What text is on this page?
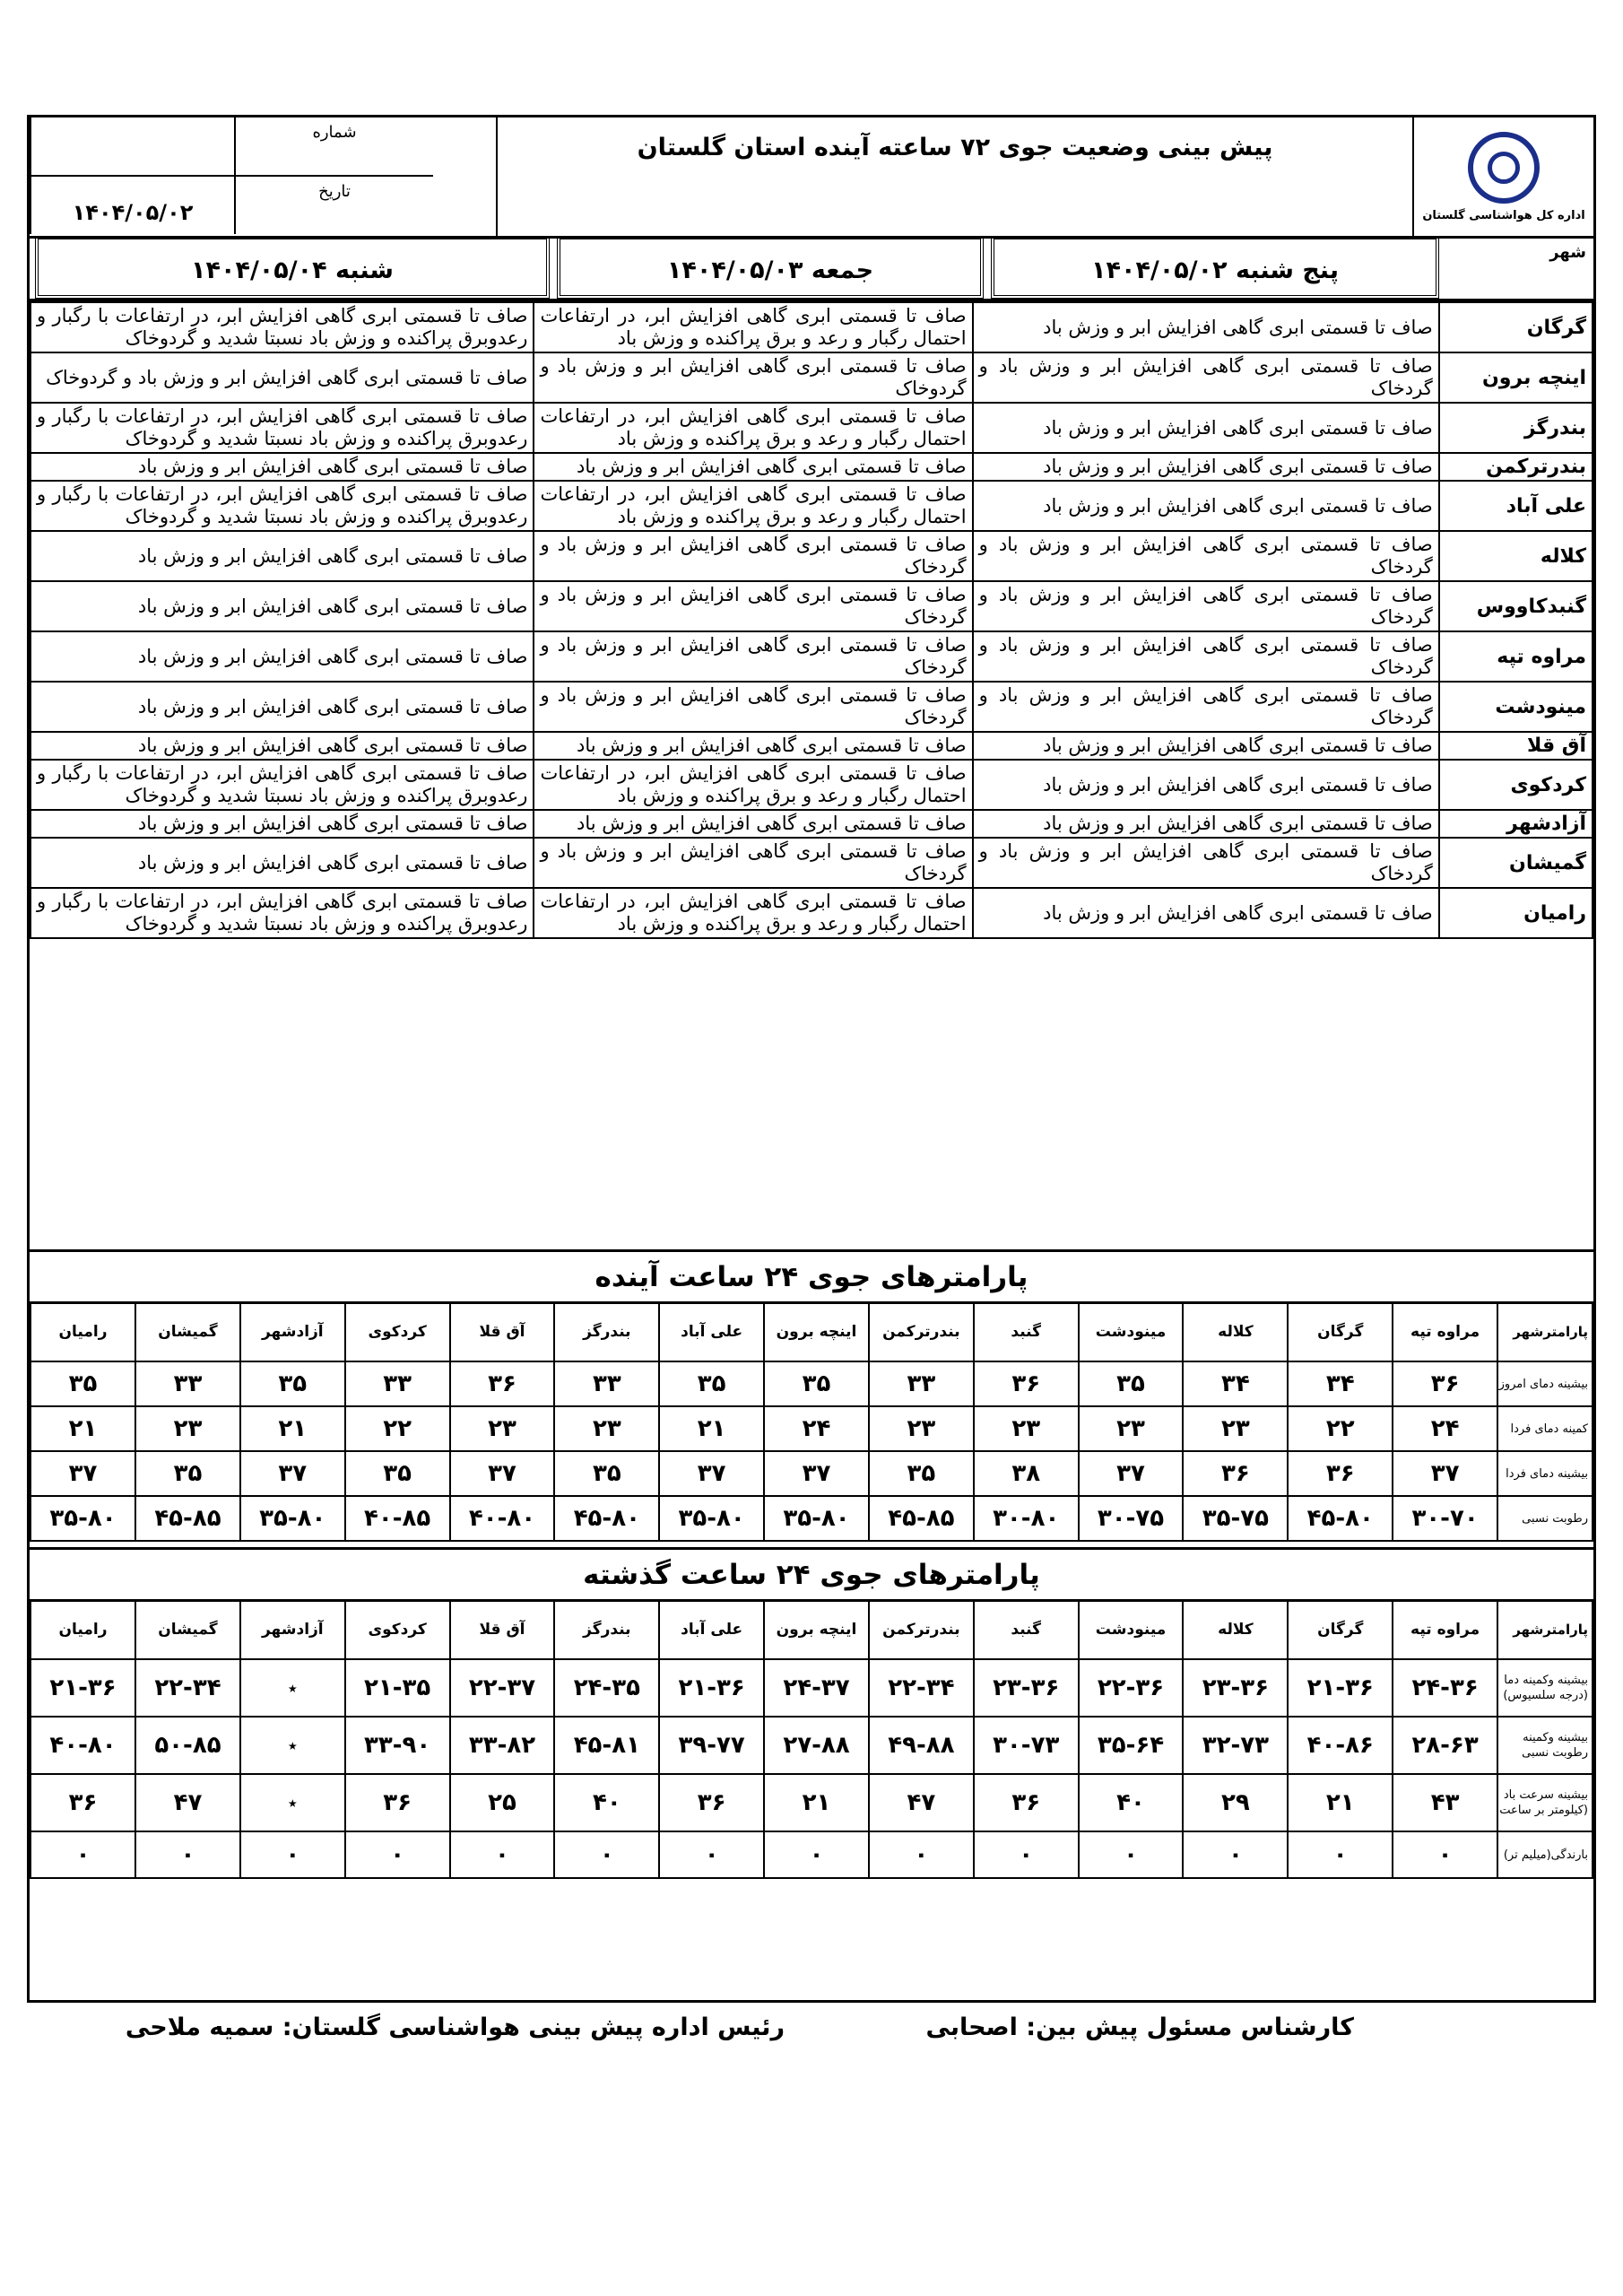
اداره کل هواشناسی گلستان
پیش بینی وضعیت جوی ۷۲ ساعته آینده استان گلستان
شماره
تاریخ
۱۴۰۴/۰۵/۰۲
شهر
پنج شنبه ۱۴۰۴/۰۵/۰۲
جمعه ۱۴۰۴/۰۵/۰۳
شنبه ۱۴۰۴/۰۵/۰۴
گرگان	صاف تا قسمتی ابری گاهی افزایش ابر و وزش باد	صاف تا قسمتی ابری گاهی افزایش ابر، در ارتفاعات احتمال رگبار و رعد و برق پراکنده و وزش باد	صاف تا قسمتی ابری گاهی افزایش ابر، در ارتفاعات با رگبار و رعدوبرق پراکنده و وزش باد نسبتا شدید و گردوخاک
اینچه برون	صاف تا قسمتی ابری گاهی افزایش ابر و وزش باد و گردخاک	صاف تا قسمتی ابری گاهی افزایش ابر و وزش باد و گردوخاک	صاف تا قسمتی ابری گاهی افزایش ابر و وزش باد و گردوخاک
بندرگز	صاف تا قسمتی ابری گاهی افزایش ابر و وزش باد	صاف تا قسمتی ابری گاهی افزایش ابر، در ارتفاعات احتمال رگبار و رعد و برق پراکنده و وزش باد	صاف تا قسمتی ابری گاهی افزایش ابر، در ارتفاعات با رگبار و رعدوبرق پراکنده و وزش باد نسبتا شدید و گردوخاک
بندرترکمن	صاف تا قسمتی ابری گاهی افزایش ابر و وزش باد	صاف تا قسمتی ابری گاهی افزایش ابر و وزش باد	صاف تا قسمتی ابری گاهی افزایش ابر و وزش باد
علی آباد	صاف تا قسمتی ابری گاهی افزایش ابر و وزش باد	صاف تا قسمتی ابری گاهی افزایش ابر، در ارتفاعات احتمال رگبار و رعد و برق پراکنده و وزش باد	صاف تا قسمتی ابری گاهی افزایش ابر، در ارتفاعات با رگبار و رعدوبرق پراکنده و وزش باد نسبتا شدید و گردوخاک
کلاله	صاف تا قسمتی ابری گاهی افزایش ابر و وزش باد و گردخاک	صاف تا قسمتی ابری گاهی افزایش ابر و وزش باد و گردخاک	صاف تا قسمتی ابری گاهی افزایش ابر و وزش باد
گنبدکاووس	صاف تا قسمتی ابری گاهی افزایش ابر و وزش باد و گردخاک	صاف تا قسمتی ابری گاهی افزایش ابر و وزش باد و گردخاک	صاف تا قسمتی ابری گاهی افزایش ابر و وزش باد
مراوه تپه	صاف تا قسمتی ابری گاهی افزایش ابر و وزش باد و گردخاک	صاف تا قسمتی ابری گاهی افزایش ابر و وزش باد و گردخاک	صاف تا قسمتی ابری گاهی افزایش ابر و وزش باد
مینودشت	صاف تا قسمتی ابری گاهی افزایش ابر و وزش باد و گردخاک	صاف تا قسمتی ابری گاهی افزایش ابر و وزش باد و گردخاک	صاف تا قسمتی ابری گاهی افزایش ابر و وزش باد
آق قلا	صاف تا قسمتی ابری گاهی افزایش ابر و وزش باد	صاف تا قسمتی ابری گاهی افزایش ابر و وزش باد	صاف تا قسمتی ابری گاهی افزایش ابر و وزش باد
کردکوی	صاف تا قسمتی ابری گاهی افزایش ابر و وزش باد	صاف تا قسمتی ابری گاهی افزایش ابر، در ارتفاعات احتمال رگبار و رعد و برق پراکنده و وزش باد	صاف تا قسمتی ابری گاهی افزایش ابر، در ارتفاعات با رگبار و رعدوبرق پراکنده و وزش باد نسبتا شدید و گردوخاک
آزادشهر	صاف تا قسمتی ابری گاهی افزایش ابر و وزش باد	صاف تا قسمتی ابری گاهی افزایش ابر و وزش باد	صاف تا قسمتی ابری گاهی افزایش ابر و وزش باد
گمیشان	صاف تا قسمتی ابری گاهی افزایش ابر و وزش باد و گردخاک	صاف تا قسمتی ابری گاهی افزایش ابر و وزش باد و گردخاک	صاف تا قسمتی ابری گاهی افزایش ابر و وزش باد
رامیان	صاف تا قسمتی ابری گاهی افزایش ابر و وزش باد	صاف تا قسمتی ابری گاهی افزایش ابر، در ارتفاعات احتمال رگبار و رعد و برق پراکنده و وزش باد	صاف تا قسمتی ابری گاهی افزایش ابر، در ارتفاعات با رگبار و رعدوبرق پراکنده و وزش باد نسبتا شدید و گردوخاک
پارامترهای جوی ۲۴ ساعت آینده
پارامترشهر	مراوه تپه	گرگان	کلاله	مینودشت	گنبد	بندرترکمن	اینچه برون	علی آباد	بندرگز	آق قلا	کردکوی	آزادشهر	گمیشان	رامیان
بیشینه دمای امروز	۳۶	۳۴	۳۴	۳۵	۳۶	۳۳	۳۵	۳۵	۳۳	۳۶	۳۳	۳۵	۳۳	۳۵
کمینه دمای فردا	۲۴	۲۲	۲۳	۲۳	۲۳	۲۳	۲۴	۲۱	۲۳	۲۳	۲۲	۲۱	۲۳	۲۱
بیشینه دمای فردا	۳۷	۳۶	۳۶	۳۷	۳۸	۳۵	۳۷	۳۷	۳۵	۳۷	۳۵	۳۷	۳۵	۳۷
رطوبت نسبی	۳۰-۷۰	۴۵-۸۰	۳۵-۷۵	۳۰-۷۵	۳۰-۸۰	۴۵-۸۵	۳۵-۸۰	۳۵-۸۰	۴۵-۸۰	۴۰-۸۰	۴۰-۸۵	۳۵-۸۰	۴۵-۸۵	۳۵-۸۰
پارامترهای جوی ۲۴ ساعت گذشته
پارامترشهر	مراوه تپه	گرگان	کلاله	مینودشت	گنبد	بندرترکمن	اینچه برون	علی آباد	بندرگز	آق قلا	کردکوی	آزادشهر	گمیشان	رامیان
بیشینه وکمینه دما (درجه سلسیوس)	۲۴-۳۶	۲۱-۳۶	۲۳-۳۶	۲۲-۳۶	۲۳-۳۶	۲۲-۳۴	۲۴-۳۷	۲۱-۳۶	۲۴-۳۵	۲۲-۳۷	۲۱-۳۵	٭	۲۲-۳۴	۲۱-۳۶
بیشینه وکمینه رطوبت نسبی	۲۸-۶۳	۴۰-۸۶	۳۲-۷۳	۳۵-۶۴	۳۰-۷۳	۴۹-۸۸	۲۷-۸۸	۳۹-۷۷	۴۵-۸۱	۳۳-۸۲	۳۳-۹۰	٭	۵۰-۸۵	۴۰-۸۰
بیشینه سرعت باد (کیلومتر بر ساعت	۴۳	۲۱	۲۹	۴۰	۳۶	۴۷	۲۱	۳۶	۴۰	۲۵	۳۶	٭	۴۷	۳۶
بارندگی(میلیم تر)	۰	۰	۰	۰	۰	۰	۰	۰	۰	۰	۰	۰	۰	۰
کارشناس مسئول پیش بین: اصحابی
رئیس اداره پیش بینی هواشناسی گلستان: سمیه ملاحی
